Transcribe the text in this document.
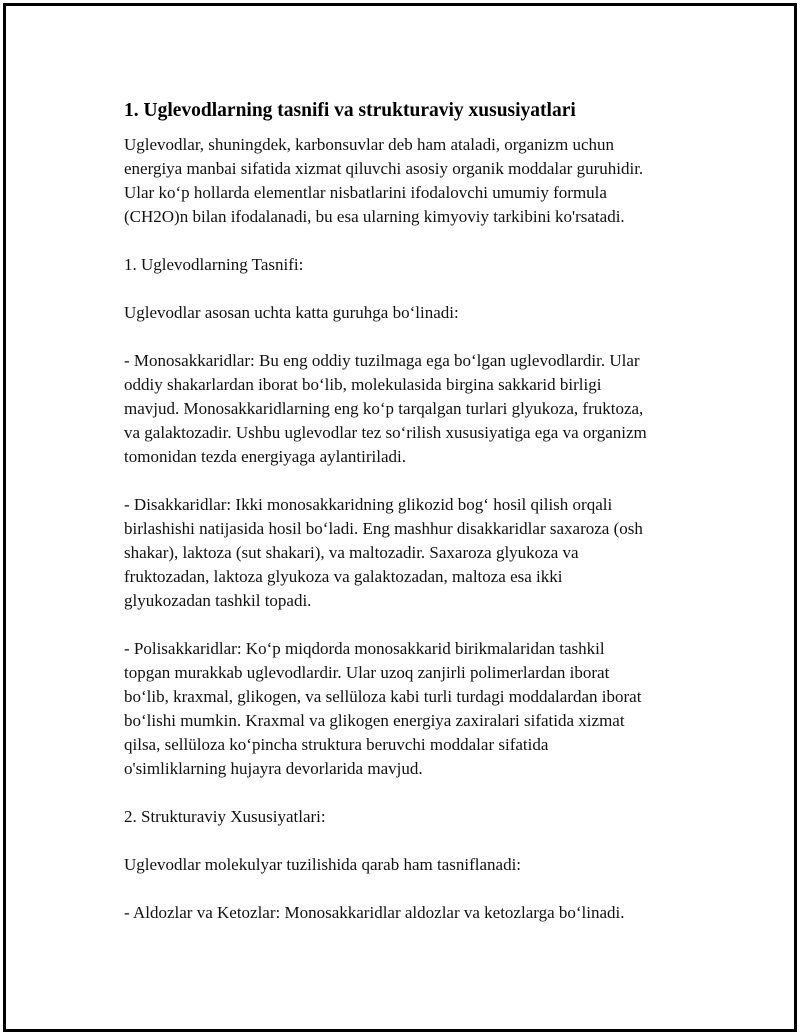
1. Uglevodlarning tasnifi va strukturaviy xususiyatlari

Uglevodlar, shuningdek, karbonsuvlar deb ham ataladi, organizm uchun
energiya manbai sifatida xizmat qiluvchi asosiy organik moddalar guruhidir.
Ular ko‘p hollarda elementlar nisbatlarini ifodalovchi umumiy formula
(CH2O)n bilan ifodalanadi, bu esa ularning kimyoviy tarkibini ko'rsatadi.

1. Uglevodlarning Tasnifi:

Uglevodlar asosan uchta katta guruhga bo‘linadi:

- Monosakkaridlar: Bu eng oddiy tuzilmaga ega bo‘lgan uglevodlardir. Ular
oddiy shakarlardan iborat bo‘lib, molekulasida birgina sakkarid birligi
mavjud. Monosakkaridlarning eng ko‘p tarqalgan turlari glyukoza, fruktoza,
va galaktozadir. Ushbu uglevodlar tez so‘rilish xususiyatiga ega va organizm
tomonidan tezda energiyaga aylantiriladi.

- Disakkaridlar: Ikki monosakkaridning glikozid bog‘ hosil qilish orqali
birlashishi natijasida hosil bo‘ladi. Eng mashhur disakkaridlar saxaroza (osh
shakar), laktoza (sut shakari), va maltozadir. Saxaroza glyukoza va
fruktozadan, laktoza glyukoza va galaktozadan, maltoza esa ikki
glyukozadan tashkil topadi.

- Polisakkaridlar: Ko‘p miqdorda monosakkarid birikmalaridan tashkil
topgan murakkab uglevodlardir. Ular uzoq zanjirli polimerlardan iborat
bo‘lib, kraxmal, glikogen, va sellüloza kabi turli turdagi moddalardan iborat
bo‘lishi mumkin. Kraxmal va glikogen energiya zaxiralari sifatida xizmat
qilsa, sellüloza ko‘pincha struktura beruvchi moddalar sifatida
o'simliklarning hujayra devorlarida mavjud.

2. Strukturaviy Xususiyatlari:

Uglevodlar molekulyar tuzilishida qarab ham tasniflanadi:

- Aldozlar va Ketozlar: Monosakkaridlar aldozlar va ketozlarga bo‘linadi.
